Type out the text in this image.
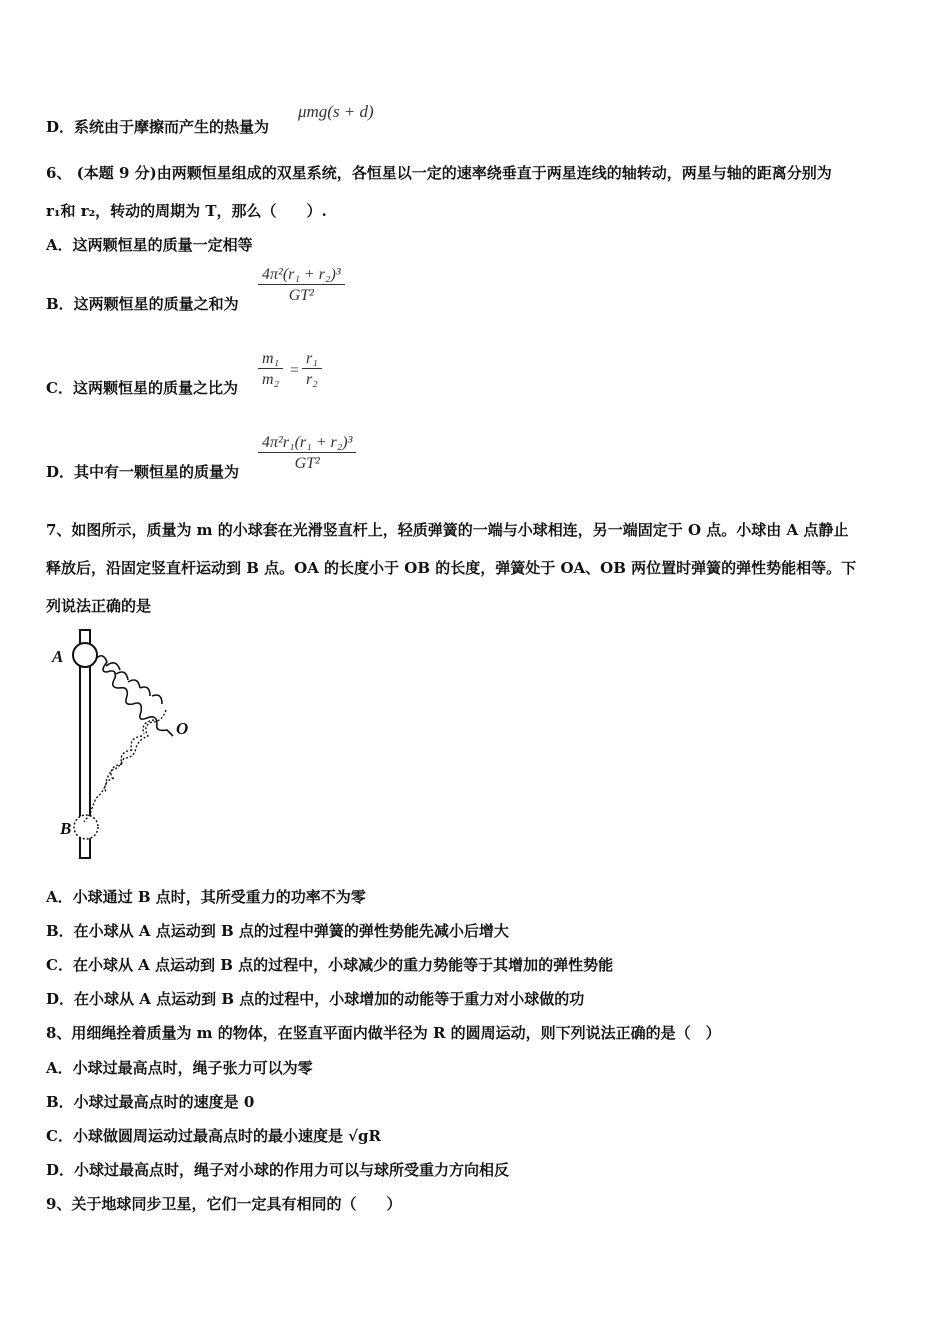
D．系统由于摩擦而产生的热量为
μmg(s + d)
6、 (本题 9 分)由两颗恒星组成的双星系统，各恒星以一定的速率绕垂直于两星连线的轴转动，两星与轴的距离分别为
r₁和 r₂，转动的周期为 T，那么（　　）.
A．这两颗恒星的质量一定相等
B．这两颗恒星的质量之和为
4π²(r₁ + r₂)³
GT²
C．这两颗恒星的质量之比为
m₁
m₂
=
r₁
r₂
D．其中有一颗恒星的质量为
4π²r₁(r₁ + r₂)³
GT²
7、如图所示，质量为 m 的小球套在光滑竖直杆上，轻质弹簧的一端与小球相连，另一端固定于 O 点。小球由 A 点静止
释放后，沿固定竖直杆运动到 B 点。OA 的长度小于 OB 的长度，弹簧处于 OA、OB 两位置时弹簧的弹性势能相等。下
列说法正确的是
A
B
O
A．小球通过 B 点时，其所受重力的功率不为零
B．在小球从 A 点运动到 B 点的过程中弹簧的弹性势能先减小后增大
C．在小球从 A 点运动到 B 点的过程中，小球减少的重力势能等于其增加的弹性势能
D．在小球从 A 点运动到 B 点的过程中，小球增加的动能等于重力对小球做的功
8、用细绳拴着质量为 m 的物体，在竖直平面内做半径为 R 的圆周运动，则下列说法正确的是（　）
A．小球过最高点时，绳子张力可以为零
B．小球过最高点时的速度是 0
C．小球做圆周运动过最高点时的最小速度是 √gR
D．小球过最高点时，绳子对小球的作用力可以与球所受重力方向相反
9、关于地球同步卫星，它们一定具有相同的（　　）
